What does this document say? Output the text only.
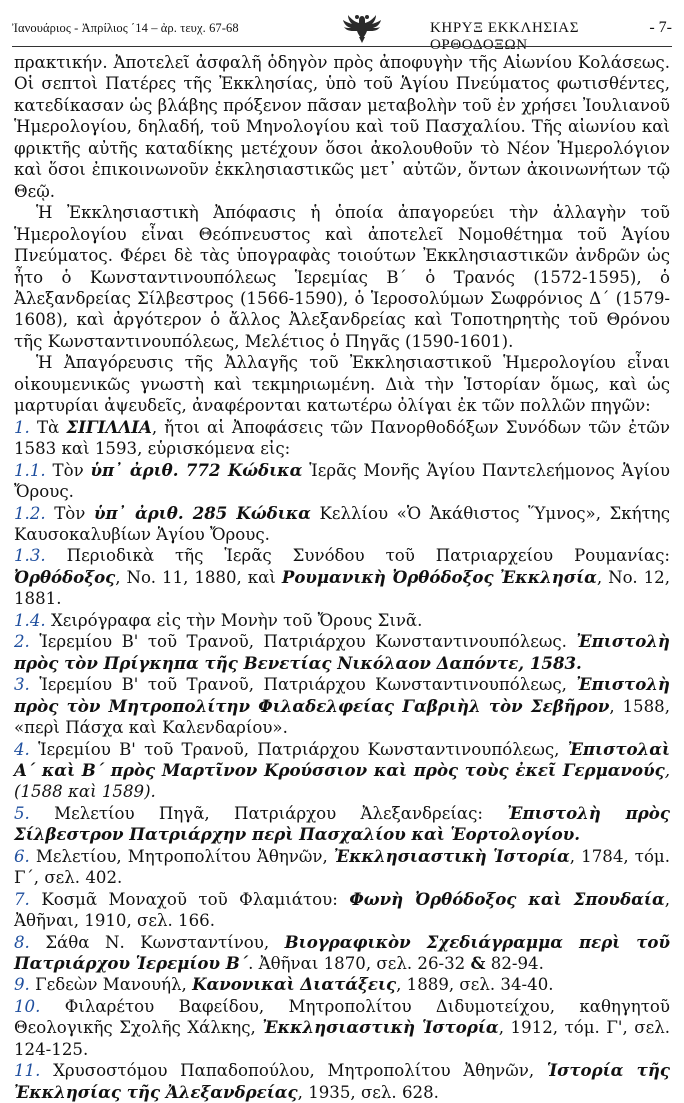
Ἰανουάριος - Ἀπρίλιος ΄14 – ἀρ. τευχ. 67-68	ΚΗΡΥΞ ΕΚΚΛΗΣΙΑΣ ΟΡΘΟΔΟΞΩΝ
- 7-

πρακτικήν. Ἀποτελεῖ ἀσφαλῆ ὁδηγὸν πρὸς ἀποφυγὴν τῆς Αἰωνίου Κολάσεως. Οἱ σεπτοὶ Πατέρες τῆς Ἐκκλησίας, ὑπὸ τοῦ Ἁγίου Πνεύματος φωτισθέντες, κατεδίκασαν ὡς βλάβης πρόξενον πᾶσαν μεταβολὴν τοῦ ἐν χρήσει Ἰουλιανοῦ Ἡμερολογίου, δηλαδή, τοῦ Μηνολογίου καὶ τοῦ Πασχαλίου. Τῆς αἰωνίου καὶ φρικτῆς αὐτῆς καταδίκης μετέχουν ὅσοι ἀκολουθοῦν τὸ Νέον Ἡμερολόγιον καὶ ὅσοι ἐπικοινωνοῦν ἐκκλησιαστικῶς μετ᾽ αὐτῶν, ὄντων ἀκοινωνήτων τῷ Θεῷ.

Ἡ Ἐκκλησιαστικὴ Ἀπόφασις ἡ ὁποία ἀπαγορεύει τὴν ἀλλαγὴν τοῦ Ἡμερολογίου εἶναι Θεόπνευστος καὶ ἀποτελεῖ Νομοθέτημα τοῦ Ἁγίου Πνεύματος. Φέρει δὲ τὰς ὑπογραφὰς τοιούτων Ἐκκλησιαστικῶν ἀνδρῶν ὡς ἦτο ὁ Κωνσταντινουπόλεως Ἱερεμίας Β΄ ὁ Τρανός (1572-1595), ὁ Ἀλεξανδρείας Σίλβεστρος (1566-1590), ὁ Ἱεροσολύμων Σωφρόνιος Δ΄ (1579-1608), καὶ ἀργότερον ὁ ἄλλος Ἀλεξανδρείας καὶ Τοποτηρητὴς τοῦ Θρόνου τῆς Κωνσταντινουπόλεως, Μελέτιος ὁ Πηγᾶς (1590-1601).

Ἡ Ἀπαγόρευσις τῆς Ἀλλαγῆς τοῦ Ἐκκλησιαστικοῦ Ἡμερολογίου εἶναι οἰκουμενικῶς γνωστὴ καὶ τεκμηριωμένη. Διὰ τὴν Ἱστορίαν ὅμως, καὶ ὡς μαρτυρίαι ἀψευδεῖς, ἀναφέρονται κατωτέρω ὀλίγαι ἐκ τῶν πολλῶν πηγῶν:

1. Τὰ ΣΙΓΙΛΛΙΑ, ἤτοι αἱ Ἀποφάσεις τῶν Πανορθοδόξων Συνόδων τῶν ἐτῶν 1583 καὶ 1593, εὑρισκόμενα εἰς:

1.1. Τὸν ὑπ᾽ ἀριθ. 772 Κώδικα Ἱερᾶς Μονῆς Ἁγίου Παντελεήμονος Ἁγίου Ὄρους.

1.2. Τὸν ὑπ᾽ ἀριθ. 285 Κώδικα Κελλίου «Ὁ Ἀκάθιστος Ὕμνος», Σκήτης Καυσοκαλυβίων Ἁγίου Ὄρους.

1.3. Περιοδικὰ τῆς Ἱερᾶς Συνόδου τοῦ Πατριαρχείου Ρουμανίας: Ὀρθόδοξος, No. 11, 1880, καὶ Ρουμανικὴ Ὀρθόδοξος Ἐκκλησία, No. 12, 1881.

1.4. Χειρόγραφα εἰς τὴν Μονὴν τοῦ Ὄρους Σινᾶ.

2. Ἱερεμίου Β' τοῦ Τρανοῦ, Πατριάρχου Κωνσταντινουπόλεως. Ἐπιστολὴ πρὸς τὸν Πρίγκηπα τῆς Βενετίας Νικόλαον Δαπόντε, 1583.

3. Ἱερεμίου Β' τοῦ Τρανοῦ, Πατριάρχου Κωνσταντινουπόλεως, Ἐπιστολὴ πρὸς τὸν Μητροπολίτην Φιλαδελφείας Γαβριὴλ τὸν Σεβῆρον, 1588, «περὶ Πάσχα καὶ Καλενδαρίου».

4. Ἱερεμίου Β' τοῦ Τρανοῦ, Πατριάρχου Κωνσταντινουπόλεως, Ἐπιστολαὶ Α΄ καὶ Β΄ πρὸς Μαρτῖνον Κρούσσιον καὶ πρὸς τοὺς ἐκεῖ Γερμανούς, (1588 καὶ 1589).

5. Μελετίου Πηγᾶ, Πατριάρχου Ἀλεξανδρείας: Ἐπιστολὴ πρὸς Σίλβεστρον Πατριάρχην περὶ Πασχαλίου καὶ Ἑορτολογίου.

6. Μελετίου, Μητροπολίτου Ἀθηνῶν, Ἐκκλησιαστικὴ Ἱστορία, 1784, τόμ. Γ΄, σελ. 402.

7. Κοσμᾶ Μοναχοῦ τοῦ Φλαμιάτου: Φωνὴ Ὀρθόδοξος καὶ Σπουδαία, Ἀθῆναι, 1910, σελ. 166.

8. Σάθα Ν. Κωνσταντίνου, Βιογραφικὸν Σχεδιάγραμμα περὶ τοῦ Πατριάρχου Ἱερεμίου Β΄. Ἀθῆναι 1870, σελ. 26-32 & 82-94.

9. Γεδεὼν Μανουήλ, Κανονικαὶ Διατάξεις, 1889, σελ. 34-40.

10. Φιλαρέτου Βαφείδου, Μητροπολίτου Διδυμοτείχου, καθηγητοῦ Θεολογικῆς Σχολῆς Χάλκης, Ἐκκλησιαστικὴ Ἱστορία, 1912, τόμ. Γ', σελ. 124-125.

11. Χρυσοστόμου Παπαδοπούλου, Μητροπολίτου Ἀθηνῶν, Ἱστορία τῆς Ἐκκλησίας τῆς Ἀλεξανδρείας, 1935, σελ. 628.
